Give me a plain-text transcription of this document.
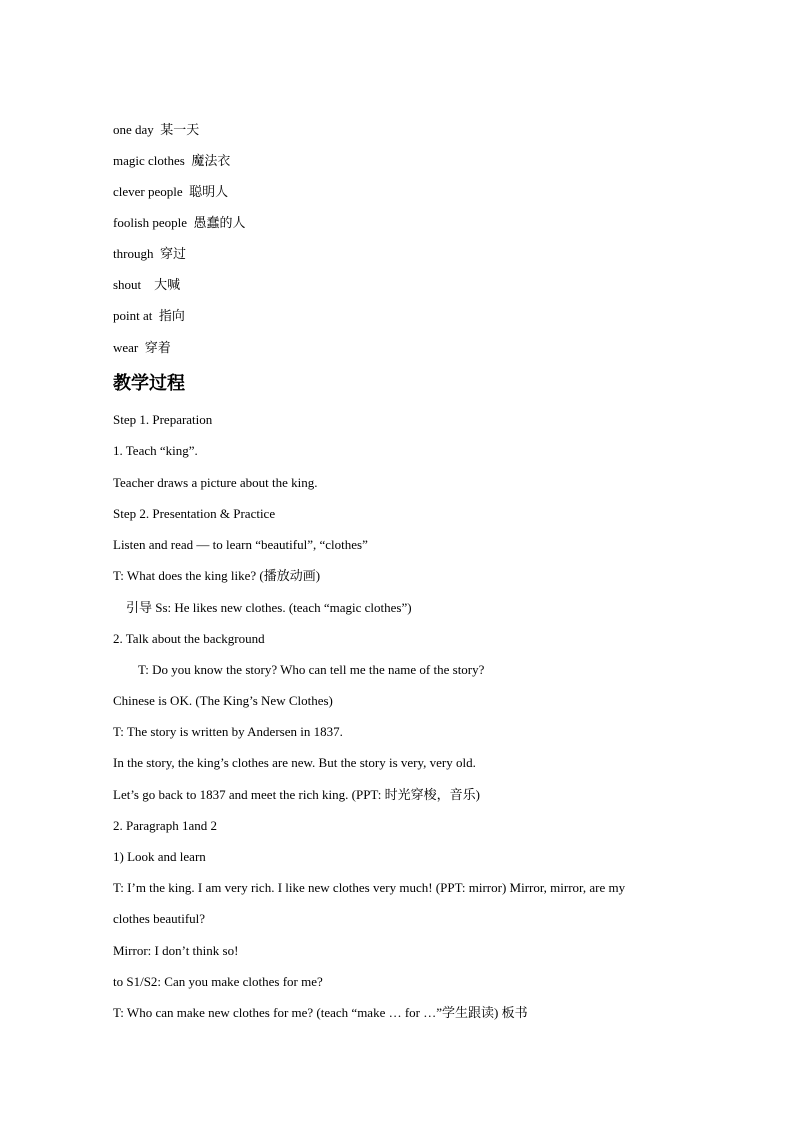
one day 某一天
magic clothes 魔法衣
clever people 聪明人
foolish people 愚蠢的人
through 穿过
shout 大喊
point at 指向
wear 穿着
教学过程
Step 1. Preparation
1. Teach “king”.
Teacher draws a picture about the king.
Step 2. Presentation & Practice
Listen and read — to learn “beautiful”, “clothes”
T: What does the king like? (播放动画)
引导 Ss: He likes new clothes. (teach “magic clothes”)
2. Talk about the background
T: Do you know the story? Who can tell me the name of the story?
Chinese is OK. (The King’s New Clothes)
T: The story is written by Andersen in 1837.
In the story, the king’s clothes are new. But the story is very, very old.
Let’s go back to 1837 and meet the rich king. (PPT: 时光穿梭，音乐)
2. Paragraph 1and 2
1) Look and learn
T: I’m the king. I am very rich. I like new clothes very much! (PPT: mirror) Mirror, mirror, are my
clothes beautiful?
Mirror: I don’t think so!
to S1/S2: Can you make clothes for me?
T: Who can make new clothes for me? (teach “make … for …”学生跟读) 板书
